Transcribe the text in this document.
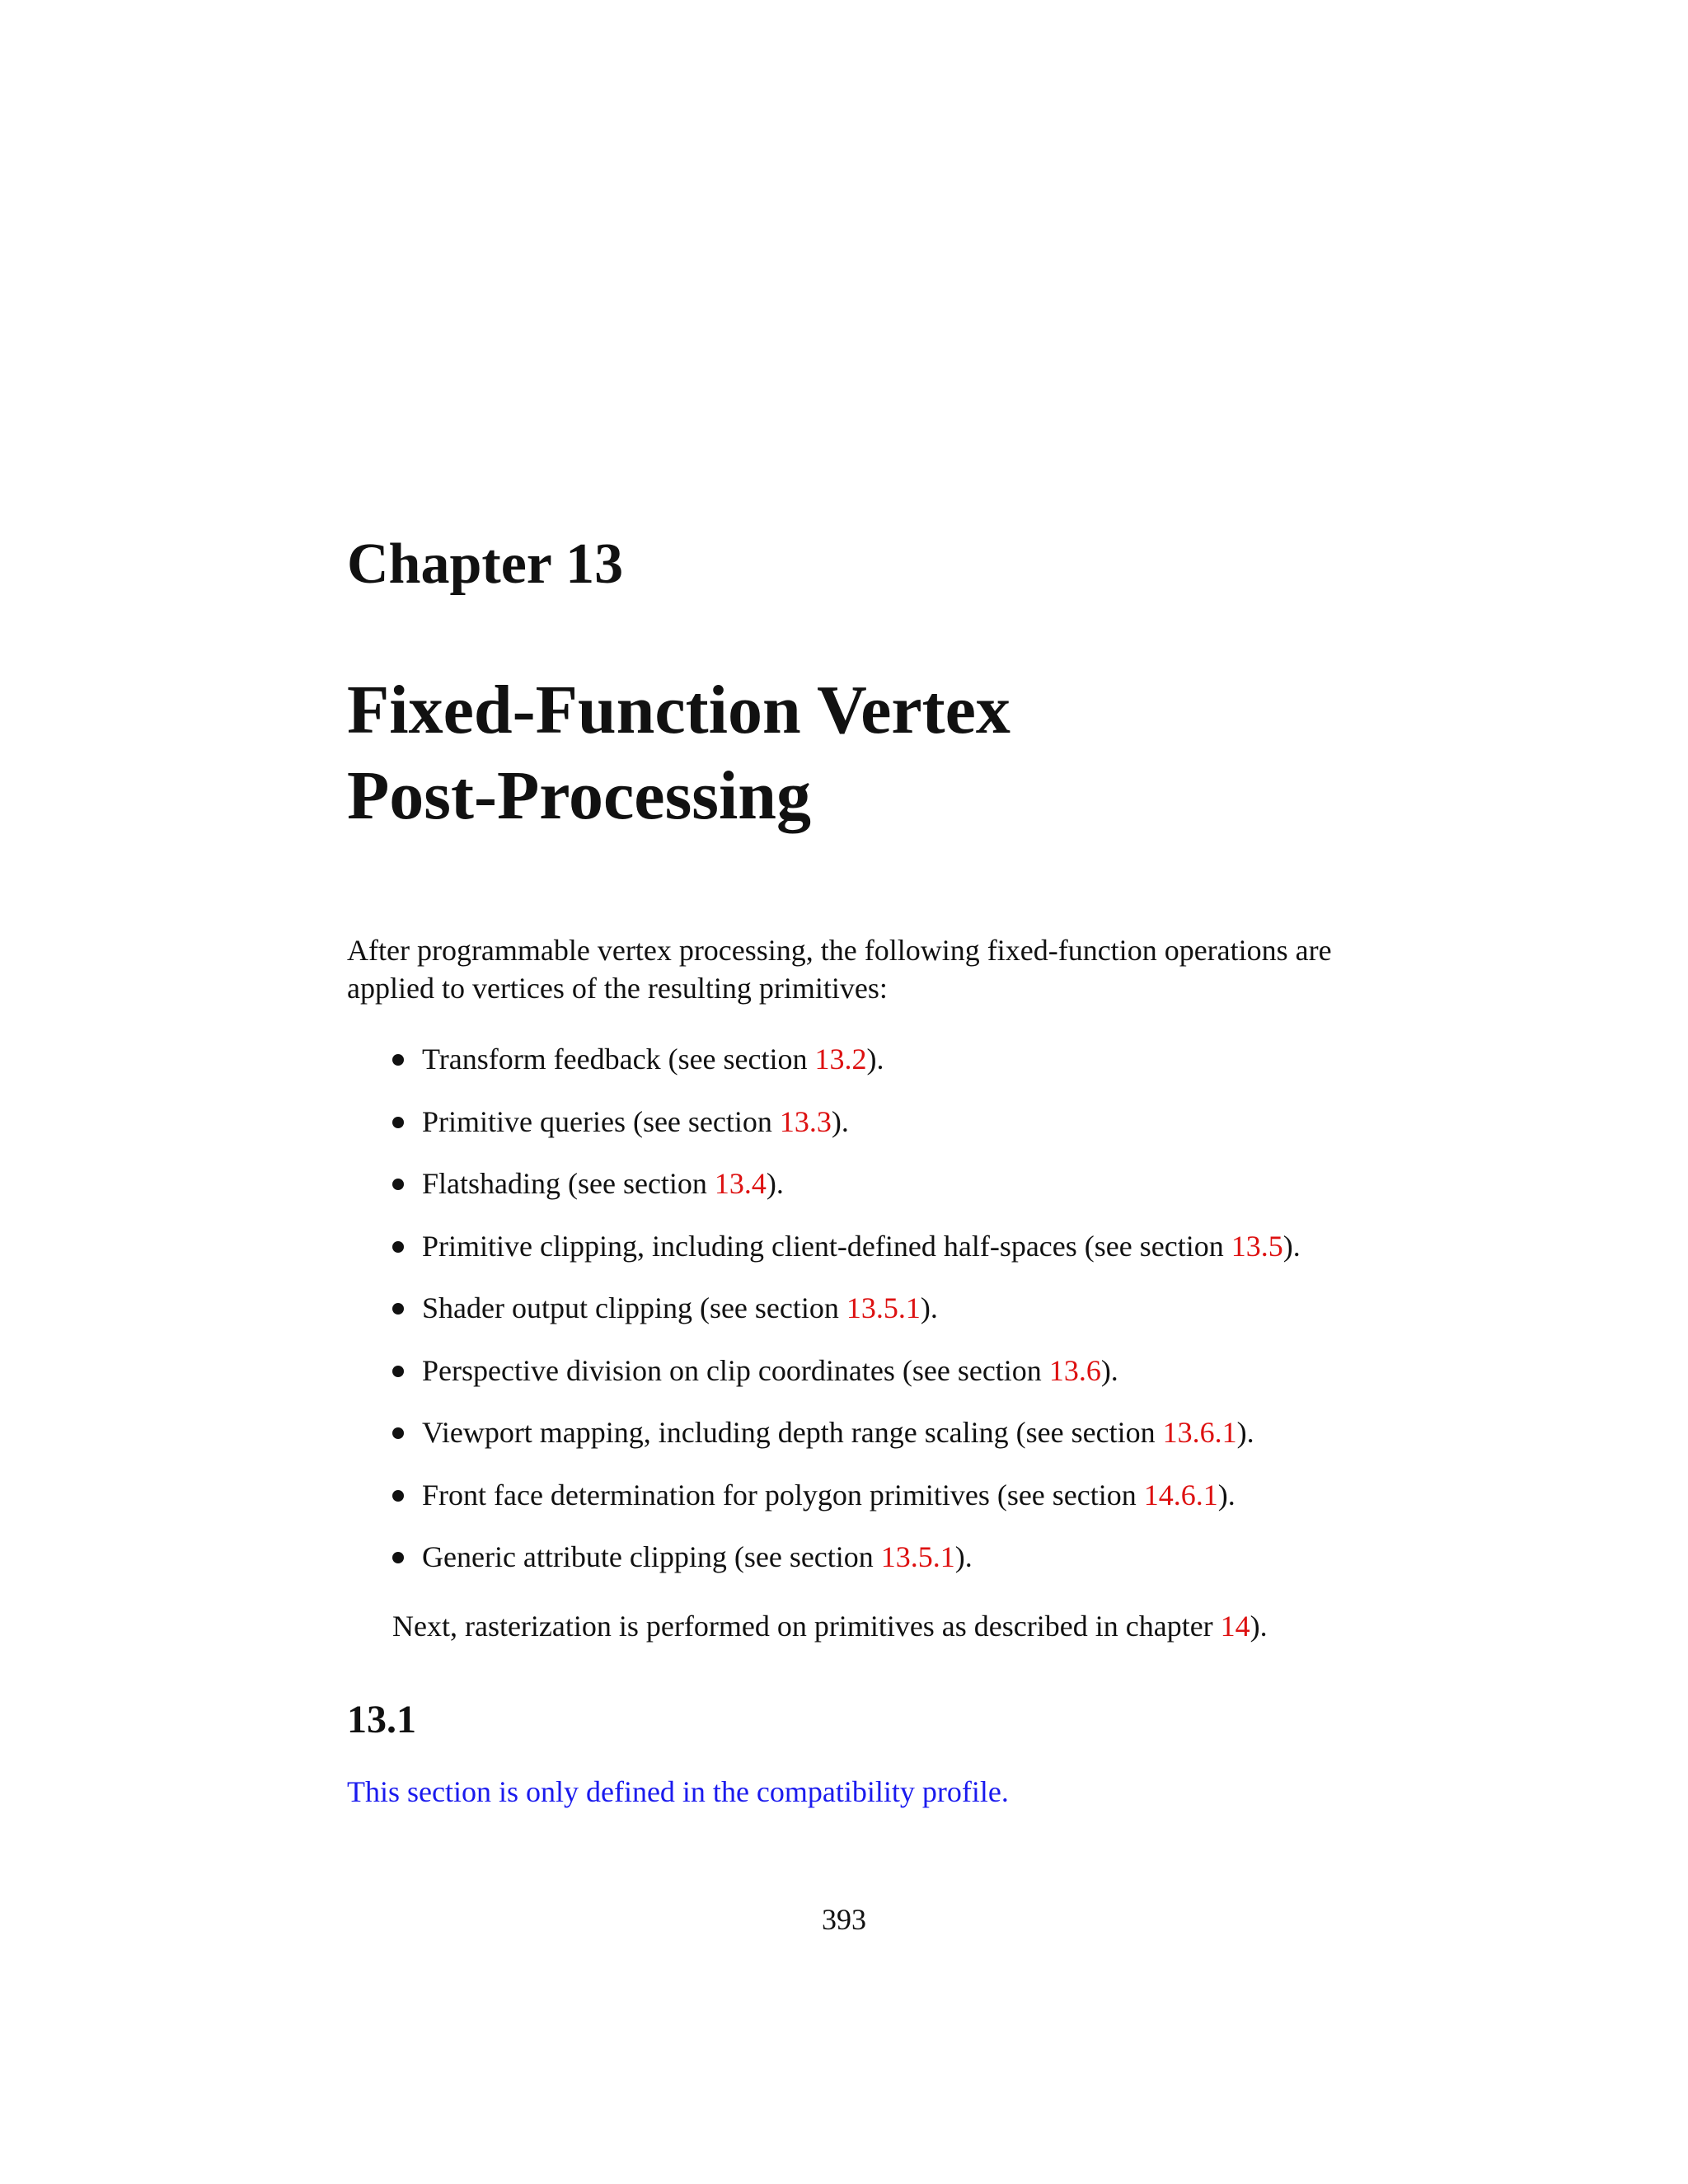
Chapter 13
Fixed-Function Vertex
Post-Processing

After programmable vertex processing, the following fixed-function operations are
applied to vertices of the resulting primitives:

Transform feedback (see section 13.2).
Primitive queries (see section 13.3).
Flatshading (see section 13.4).
Primitive clipping, including client-defined half-spaces (see section 13.5).
Shader output clipping (see section 13.5.1).
Perspective division on clip coordinates (see section 13.6).
Viewport mapping, including depth range scaling (see section 13.6.1).
Front face determination for polygon primitives (see section 14.6.1).
Generic attribute clipping (see section 13.5.1).

Next, rasterization is performed on primitives as described in chapter 14).

13.1

This section is only defined in the compatibility profile.

393
